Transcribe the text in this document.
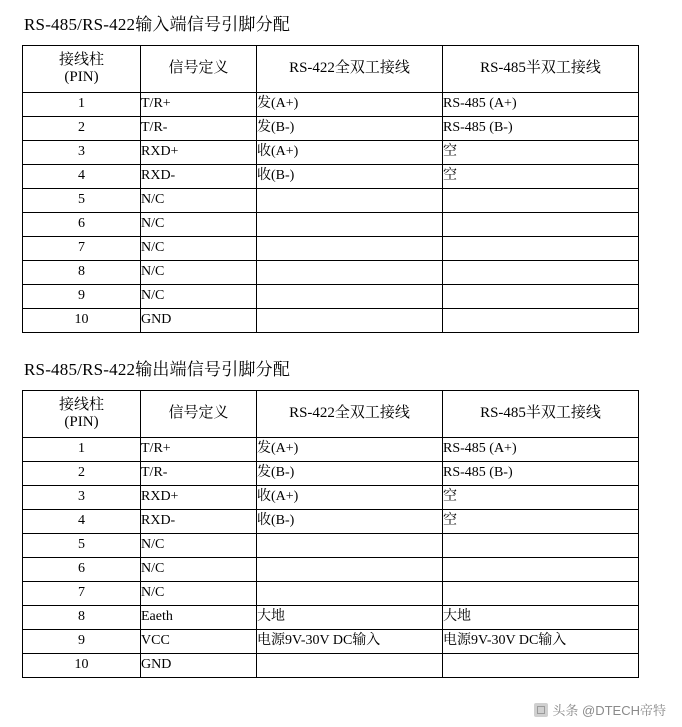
RS-485/RS-422输入端信号引脚分配
接线柱
(PIN)	信号定义	RS-422全双工接线	RS-485半双工接线
1	T/R+	发(A+)	RS-485 (A+)
2	T/R-	发(B-)	RS-485 (B-)
3	RXD+	收(A+)	空
4	RXD-	收(B-)	空
5	N/C		
6	N/C		
7	N/C		
8	N/C		
9	N/C		
10	GND		
RS-485/RS-422输出端信号引脚分配
接线柱
(PIN)	信号定义	RS-422全双工接线	RS-485半双工接线
1	T/R+	发(A+)	RS-485 (A+)
2	T/R-	发(B-)	RS-485 (B-)
3	RXD+	收(A+)	空
4	RXD-	收(B-)	空
5	N/C		
6	N/C		
7	N/C		
8	Eaeth	大地	大地
9	VCC	电源9V-30V DC输入	电源9V-30V DC输入
10	GND		
头条 @DTECH帝特
